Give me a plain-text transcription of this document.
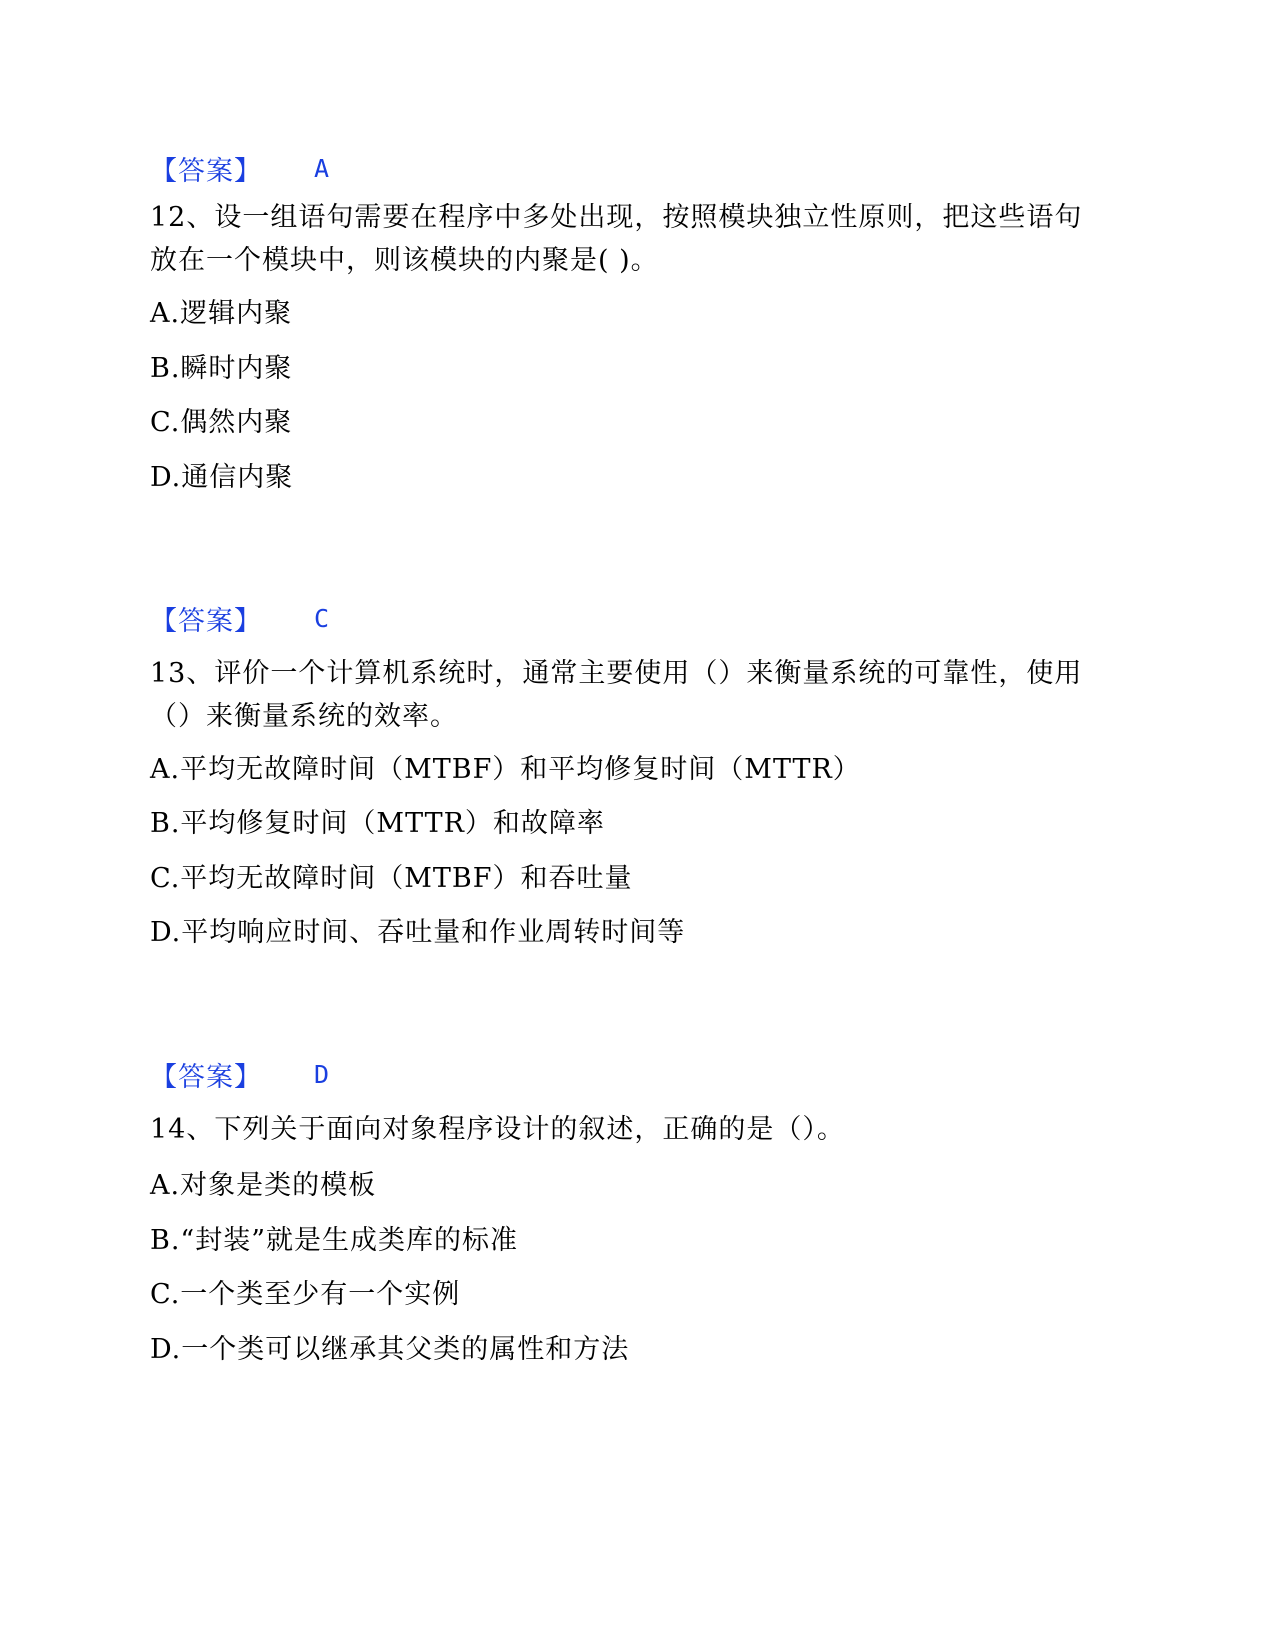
【答案】 A
12、设一组语句需要在程序中多处出现，按照模块独立性原则，把这些语句
放在一个模块中，则该模块的内聚是( )。
A.逻辑内聚
B.瞬时内聚
C.偶然内聚
D.通信内聚
【答案】 C
13、评价一个计算机系统时，通常主要使用（）来衡量系统的可靠性，使用
（）来衡量系统的效率。
A.平均无故障时间（MTBF）和平均修复时间（MTTR）
B.平均修复时间（MTTR）和故障率
C.平均无故障时间（MTBF）和吞吐量
D.平均响应时间、吞吐量和作业周转时间等
【答案】 D
14、下列关于面向对象程序设计的叙述，正确的是（）。
A.对象是类的模板
B.“封装”就是生成类库的标准
C.一个类至少有一个实例
D.一个类可以继承其父类的属性和方法
